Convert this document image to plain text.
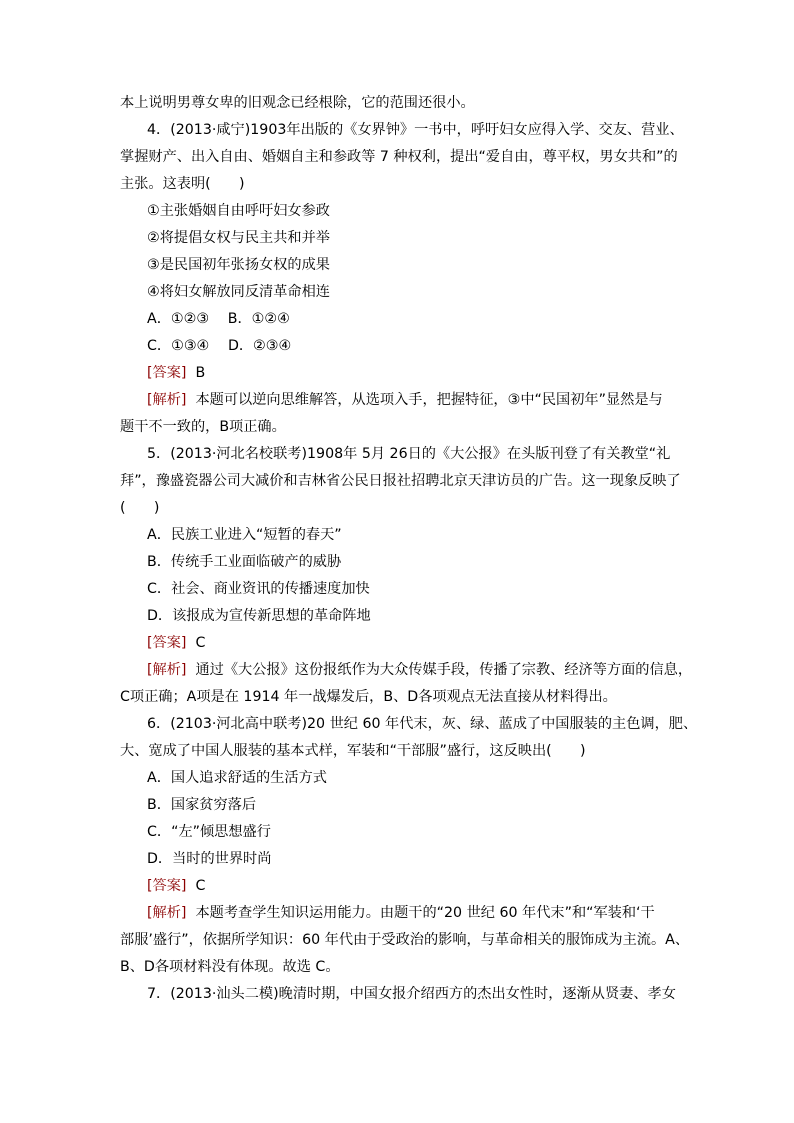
本上说明男尊女卑的旧观念已经根除，它的范围还很小。
4．(2013·咸宁)1903年出版的《女界钟》一书中，呼吁妇女应得入学、交友、营业、
掌握财产、出入自由、婚姻自主和参政等 7 种权利，提出“爱自由，尊平权，男女共和”的
主张。这表明(　　)
①主张婚姻自由呼吁妇女参政
②将提倡女权与民主共和并举
③是民国初年张扬女权的成果
④将妇女解放同反清革命相连
A．①②③　 B．①②④
C．①③④　 D．②③④
[答案] B
[解析] 本题可以逆向思维解答，从选项入手，把握特征，③中“民国初年”显然是与
题干不一致的，B项正确。
5．(2013·河北名校联考)1908年 5月 26日的《大公报》在头版刊登了有关教堂“礼
拜”，豫盛瓷器公司大减价和吉林省公民日报社招聘北京天津访员的广告。这一现象反映了
(　　)
A．民族工业进入“短暂的春天”
B．传统手工业面临破产的威胁
C．社会、商业资讯的传播速度加快
D．该报成为宣传新思想的革命阵地
[答案] C
[解析] 通过《大公报》这份报纸作为大众传媒手段，传播了宗教、经济等方面的信息，
C项正确；A项是在 1914 年一战爆发后，B、D各项观点无法直接从材料得出。
6．(2103·河北高中联考)20 世纪 60 年代末，灰、绿、蓝成了中国服装的主色调，肥、
大、宽成了中国人服装的基本式样，军装和“干部服”盛行，这反映出(　　)
A．国人追求舒适的生活方式
B．国家贫穷落后
C．“左”倾思想盛行
D．当时的世界时尚
[答案] C
[解析] 本题考查学生知识运用能力。由题干的“20 世纪 60 年代末”和“军装和‘干
部服’盛行”，依据所学知识：60 年代由于受政治的影响，与革命相关的服饰成为主流。A、
B、D各项材料没有体现。故选 C。
7．(2013·汕头二模)晚清时期，中国女报介绍西方的杰出女性时，逐渐从贤妻、孝女
